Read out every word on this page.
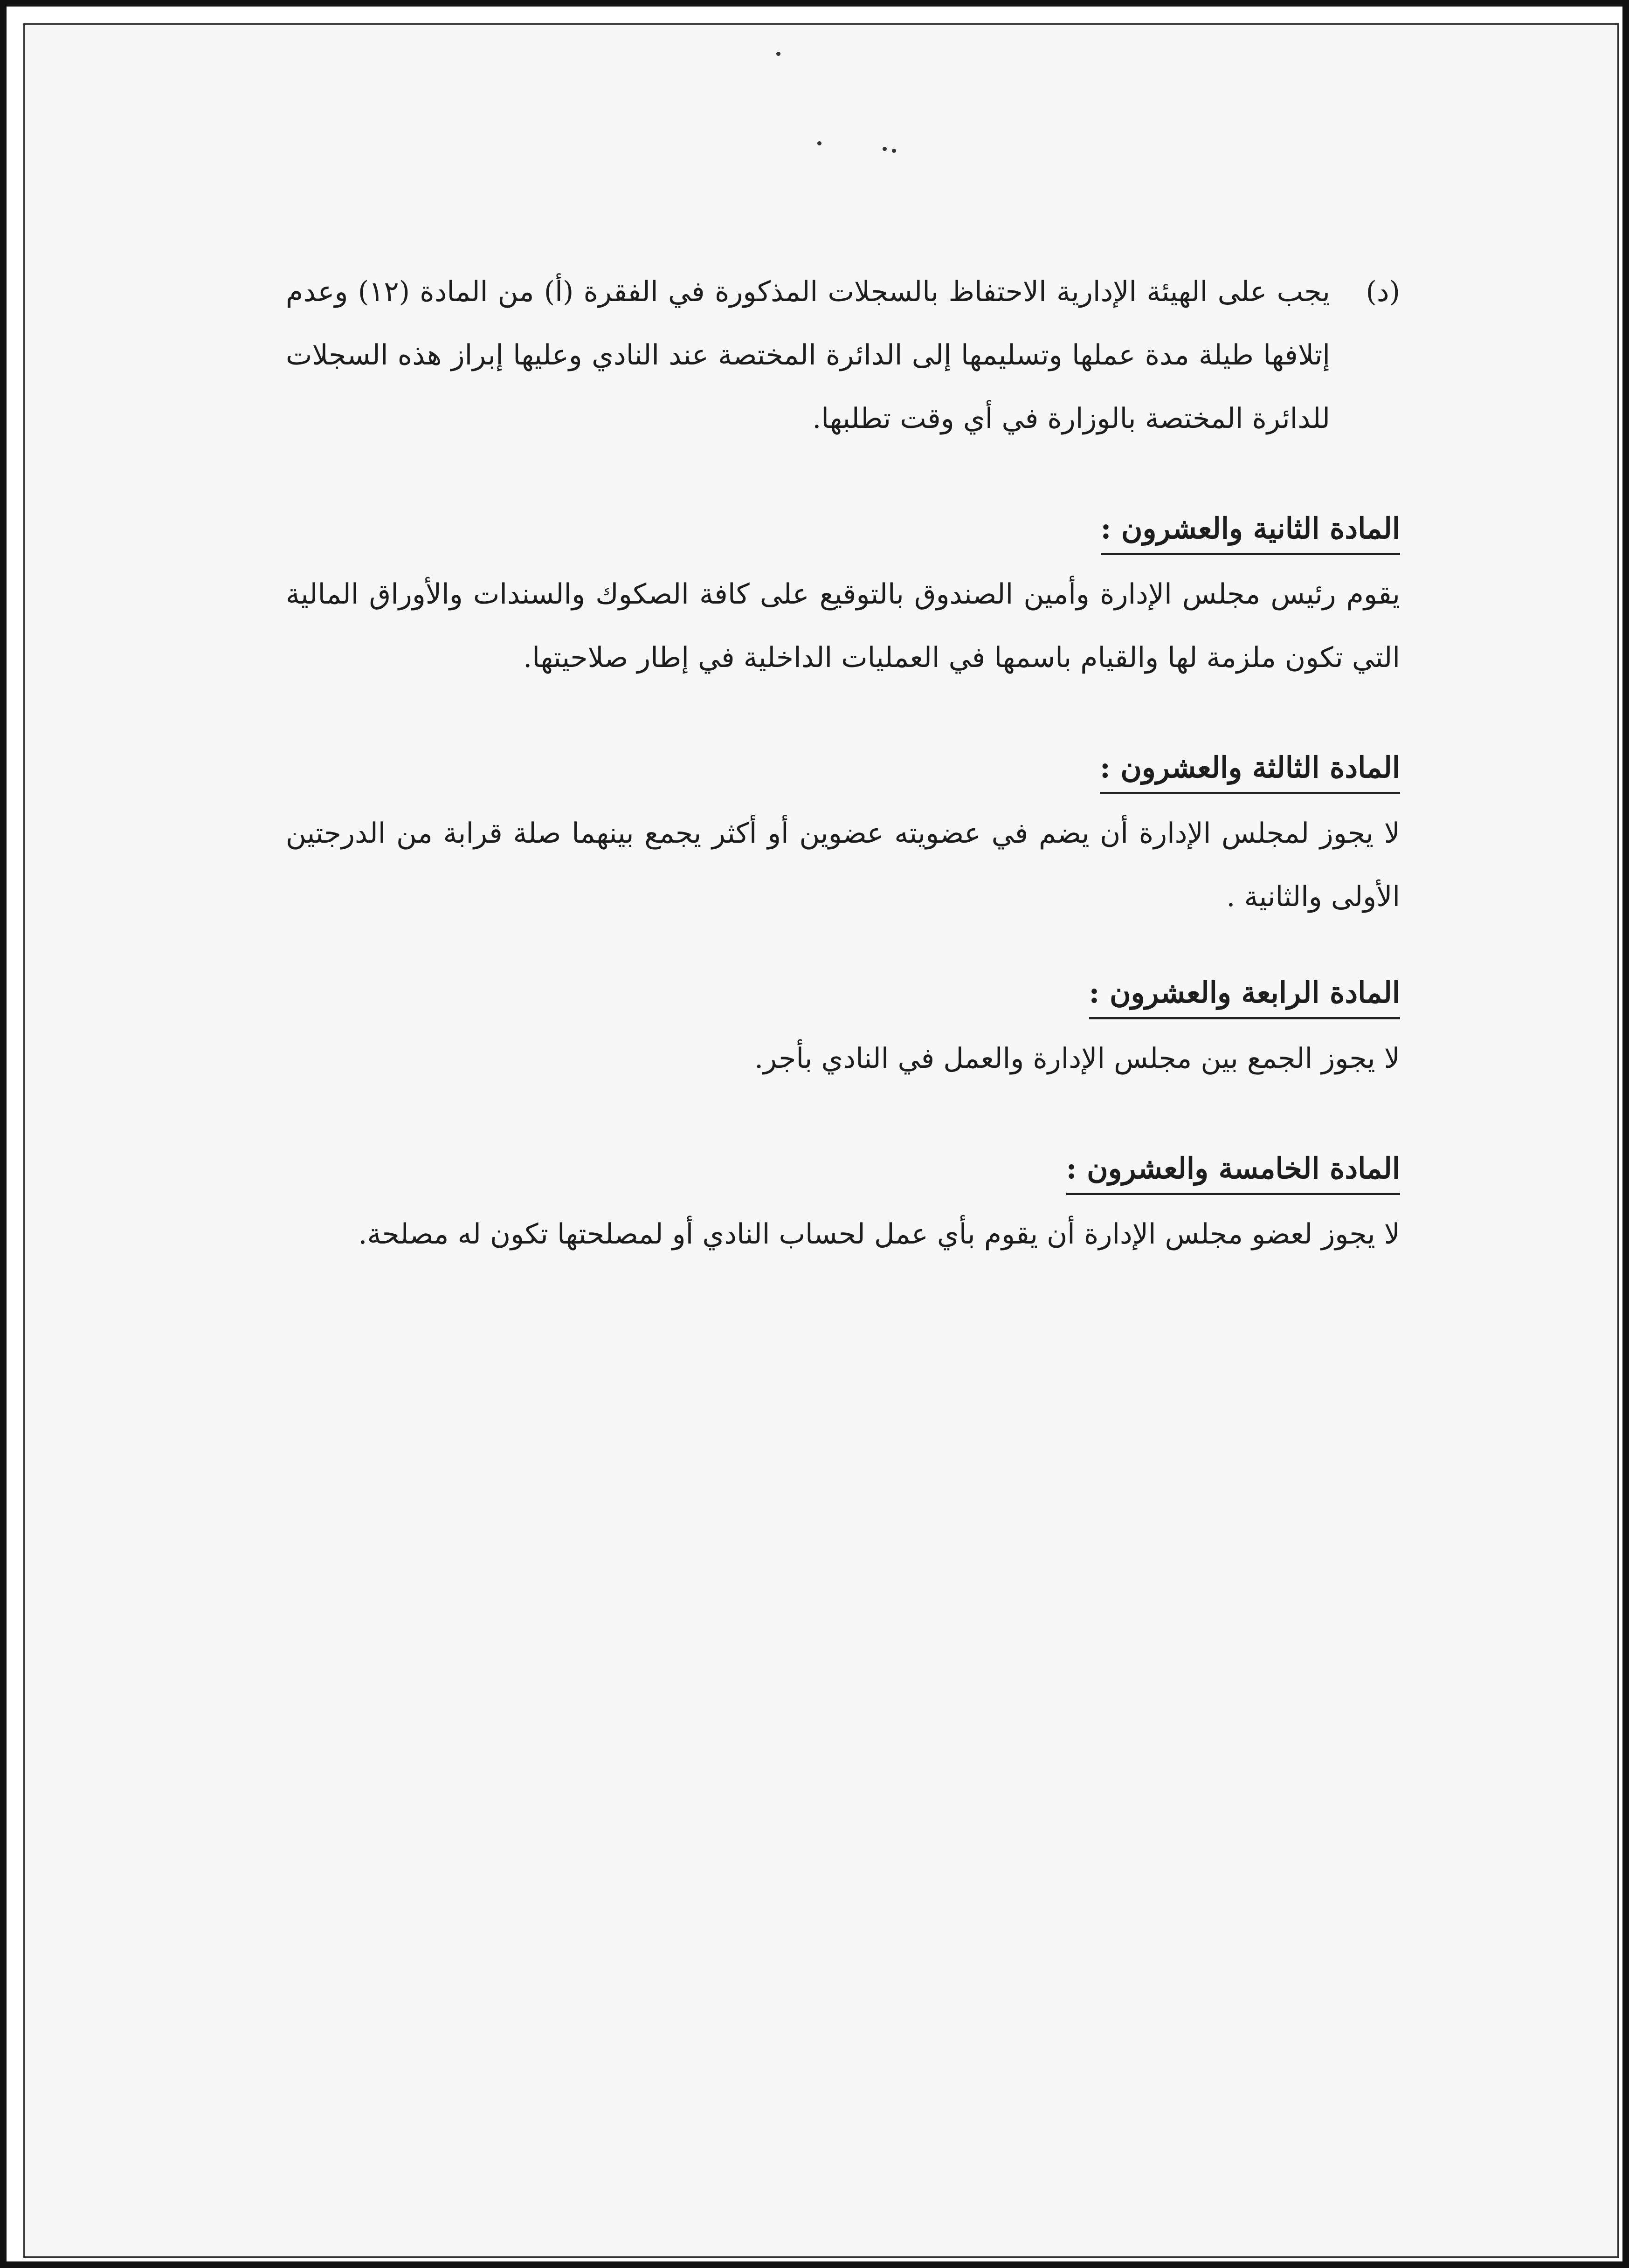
(د)

يجب على الهيئة الإدارية الاحتفاظ بالسجلات المذكورة في الفقرة (أ) من المادة (١٢) وعدم إتلافها طيلة مدة عملها وتسليمها إلى الدائرة المختصة عند النادي وعليها إبراز هذه السجلات للدائرة المختصة بالوزارة في أي وقت تطلبها.

المادة الثانية والعشرون :

يقوم رئيس مجلس الإدارة وأمين الصندوق بالتوقيع على كافة الصكوك والسندات والأوراق المالية التي تكون ملزمة لها والقيام باسمها في العمليات الداخلية في إطار صلاحيتها.

المادة الثالثة والعشرون :

لا يجوز لمجلس الإدارة أن يضم في عضويته عضوين أو أكثر يجمع بينهما صلة قرابة من الدرجتين الأولى والثانية .

المادة الرابعة والعشرون :

لا يجوز الجمع بين مجلس الإدارة والعمل في النادي بأجر.

المادة الخامسة والعشرون :

لا يجوز لعضو مجلس الإدارة أن يقوم بأي عمل لحساب النادي أو لمصلحتها تكون له مصلحة.
